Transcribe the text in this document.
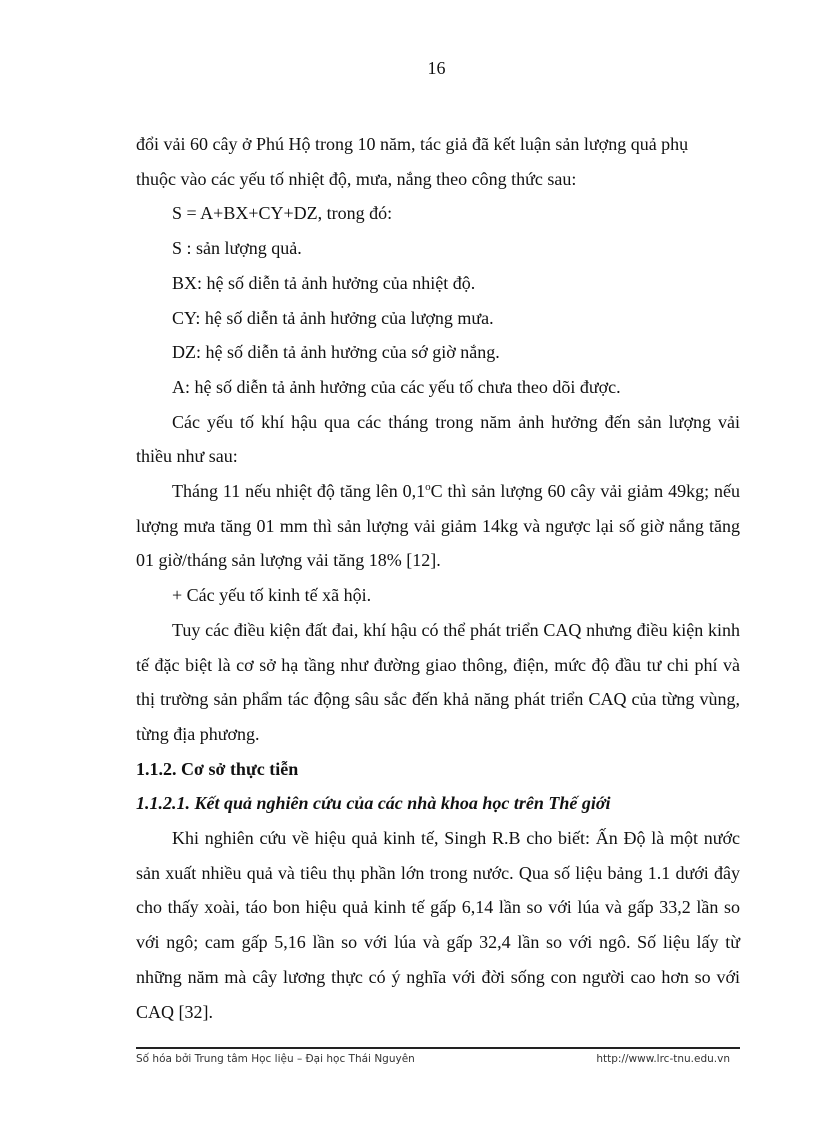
16

đổi vải 60 cây ở Phú Hộ trong 10 năm, tác giả đã kết luận sản lượng quả phụ
thuộc vào các yếu tố nhiệt độ, mưa, nắng theo công thức sau:

S = A+BX+CY+DZ, trong đó:

S : sản lượng quả.

BX: hệ số diễn tả ảnh hưởng của nhiệt độ.

CY: hệ số diễn tả ảnh hưởng của lượng mưa.

DZ: hệ số diễn tả ảnh hưởng của sớ giờ nắng.

A: hệ số diễn tả ảnh hưởng của các yếu tố chưa theo dõi được.

Các yếu tố khí hậu qua các tháng trong năm ảnh hưởng đến sản lượng vải thiều như sau:

Tháng 11 nếu nhiệt độ tăng lên 0,1$^o$C thì sản lượng 60 cây vải giảm 49kg; nếu lượng mưa tăng 01 mm thì sản lượng vải giảm 14kg và ngược lại số giờ nắng tăng 01 giờ/tháng sản lượng vải tăng 18% [12].

+ Các yếu tố kinh tế xã hội.

Tuy các điều kiện đất đai, khí hậu có thể phát triển CAQ nhưng điều kiện kinh tế đặc biệt là cơ sở hạ tầng như đường giao thông, điện, mức độ đầu tư chi phí và thị trường sản phẩm tác động sâu sắc đến khả năng phát triển CAQ của từng vùng, từng địa phương.

1.1.2. Cơ sở thực tiễn

1.1.2.1. Kết quả nghiên cứu của các nhà khoa học trên Thế giới

Khi nghiên cứu về hiệu quả kinh tế, Singh R.B cho biết: Ấn Độ là một nước sản xuất nhiều quả và tiêu thụ phần lớn trong nước. Qua số liệu bảng 1.1 dưới đây cho thấy xoài, táo bon hiệu quả kinh tế gấp 6,14 lần so với lúa và gấp 33,2 lần so với ngô; cam gấp 5,16 lần so với lúa và gấp 32,4 lần so với ngô. Số liệu lấy từ những năm mà cây lương thực có ý nghĩa với đời sống con người cao hơn so với CAQ [32].

Số hóa bởi Trung tâm Học liệu – Đại học Thái Nguyên	http://www.lrc-tnu.edu.vn
